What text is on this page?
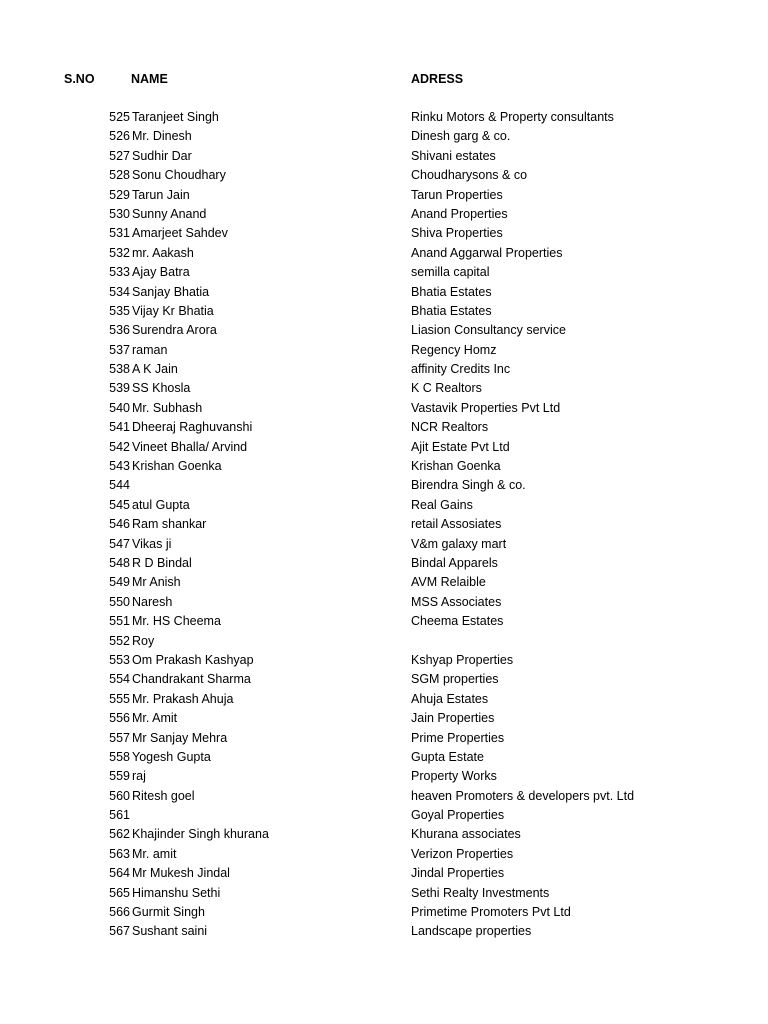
S.NO	NAME	ADRESS
525 Taranjeet Singh	Rinku Motors & Property consultants
526 Mr. Dinesh	Dinesh garg & co.
527 Sudhir Dar	Shivani estates
528 Sonu Choudhary	Choudharysons & co
529 Tarun Jain	Tarun Properties
530 Sunny Anand	Anand Properties
531 Amarjeet Sahdev	Shiva Properties
532 mr. Aakash	Anand Aggarwal Properties
533 Ajay Batra	semilla capital
534 Sanjay Bhatia	Bhatia Estates
535 Vijay Kr Bhatia	Bhatia Estates
536 Surendra Arora	Liasion Consultancy service
537 raman	Regency Homz
538 A K Jain	affinity Credits Inc
539 SS Khosla	K C Realtors
540 Mr. Subhash	Vastavik Properties Pvt Ltd
541 Dheeraj Raghuvanshi	NCR Realtors
542 Vineet Bhalla/ Arvind	Ajit Estate Pvt Ltd
543 Krishan Goenka	Krishan Goenka
544	Birendra Singh & co.
545 atul Gupta	Real Gains
546 Ram shankar	retail Assosiates
547 Vikas ji	V&m galaxy mart
548 R D Bindal	Bindal Apparels
549 Mr Anish	AVM Relaible
550 Naresh	MSS Associates
551 Mr. HS Cheema	Cheema Estates
552 Roy
553 Om Prakash Kashyap	Kshyap Properties
554 Chandrakant Sharma	SGM properties
555 Mr. Prakash Ahuja	Ahuja Estates
556 Mr. Amit	Jain Properties
557 Mr Sanjay Mehra	Prime Properties
558 Yogesh Gupta	Gupta Estate
559 raj	Property Works
560 Ritesh goel	heaven Promoters & developers pvt. Ltd
561	Goyal Properties
562 Khajinder Singh khurana	Khurana associates
563 Mr. amit	Verizon Properties
564 Mr Mukesh Jindal	Jindal Properties
565 Himanshu Sethi	Sethi Realty Investments
566 Gurmit Singh	Primetime Promoters Pvt Ltd
567 Sushant saini	Landscape properties
